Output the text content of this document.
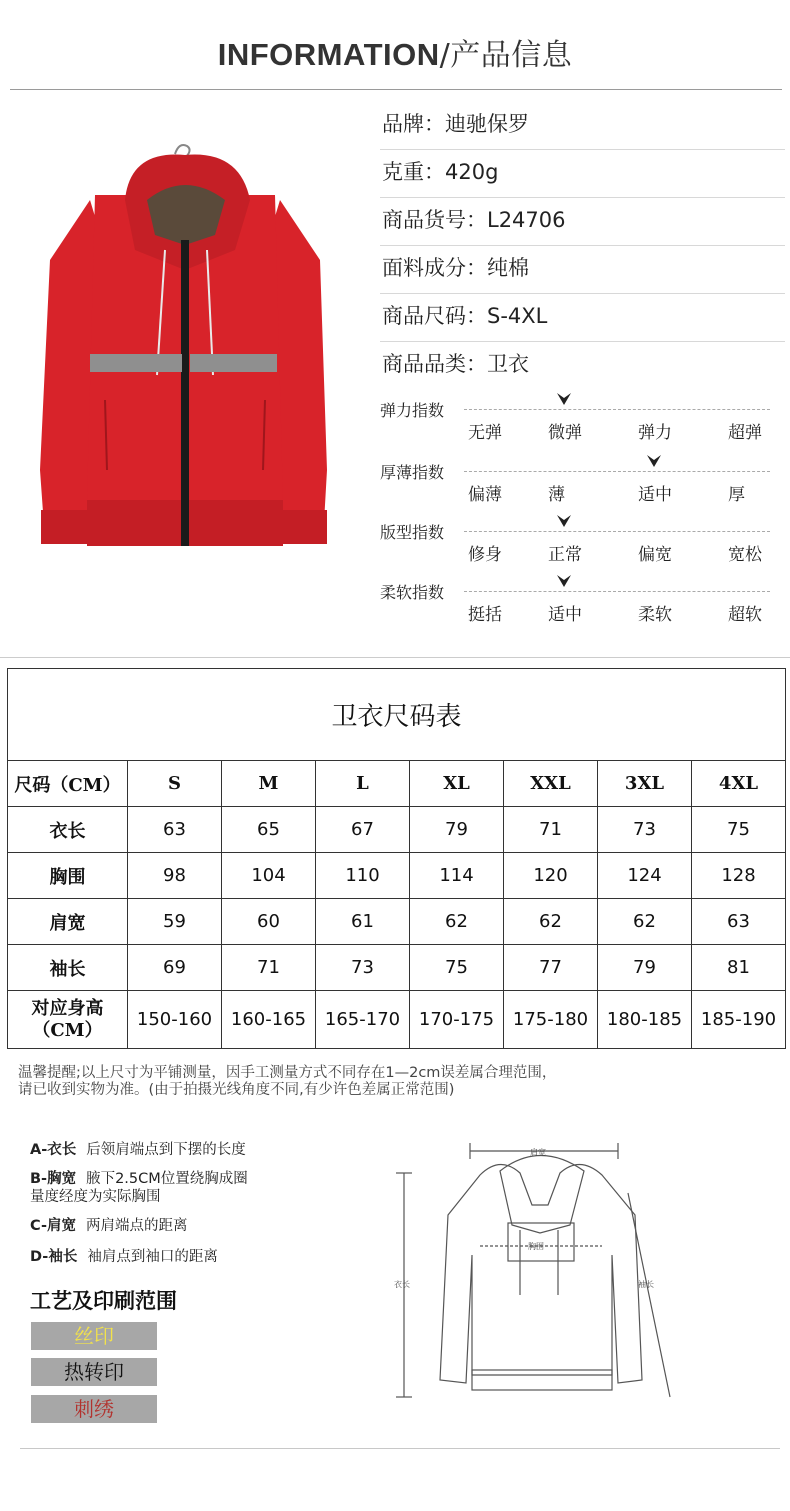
INFORMATION/产品信息
品牌：迪驰保罗
克重：420g
商品货号：L24706
面料成分：纯棉
商品尺码：S-4XL
商品品类：卫衣
弹力指数
无弹	微弹	弹力	超弹
厚薄指数
偏薄	薄	适中	厚
版型指数
修身	正常	偏宽	宽松
柔软指数
挺括	适中	柔软	超软
卫衣尺码表							
尺码（CM）	S	M	L	XL	XXL	3XL	4XL
衣长	63	65	67	79	71	73	75
胸围	98	104	110	114	120	124	128
肩宽	59	60	61	62	62	62	63
袖长	69	71	73	75	77	79	81

对应身高
（CM）	150-160	160-165	165-170	170-175	175-180	180-185	185-190
温馨提醒;以上尺寸为平铺测量，因手工测量方式不同存在1—2cm误差属合理范围，
请已收到实物为准。(由于拍摄光线角度不同,有少许色差属正常范围)
A-衣长 后领肩端点到下摆的长度
B-胸宽 腋下2.5CM位置绕胸成圈
量度经度为实际胸围
C-肩宽 两肩端点的距离
D-袖长 袖肩点到袖口的距离
工艺及印刷范围
丝印
热转印
刺绣
肩宽
胸围
衣长	袖长
